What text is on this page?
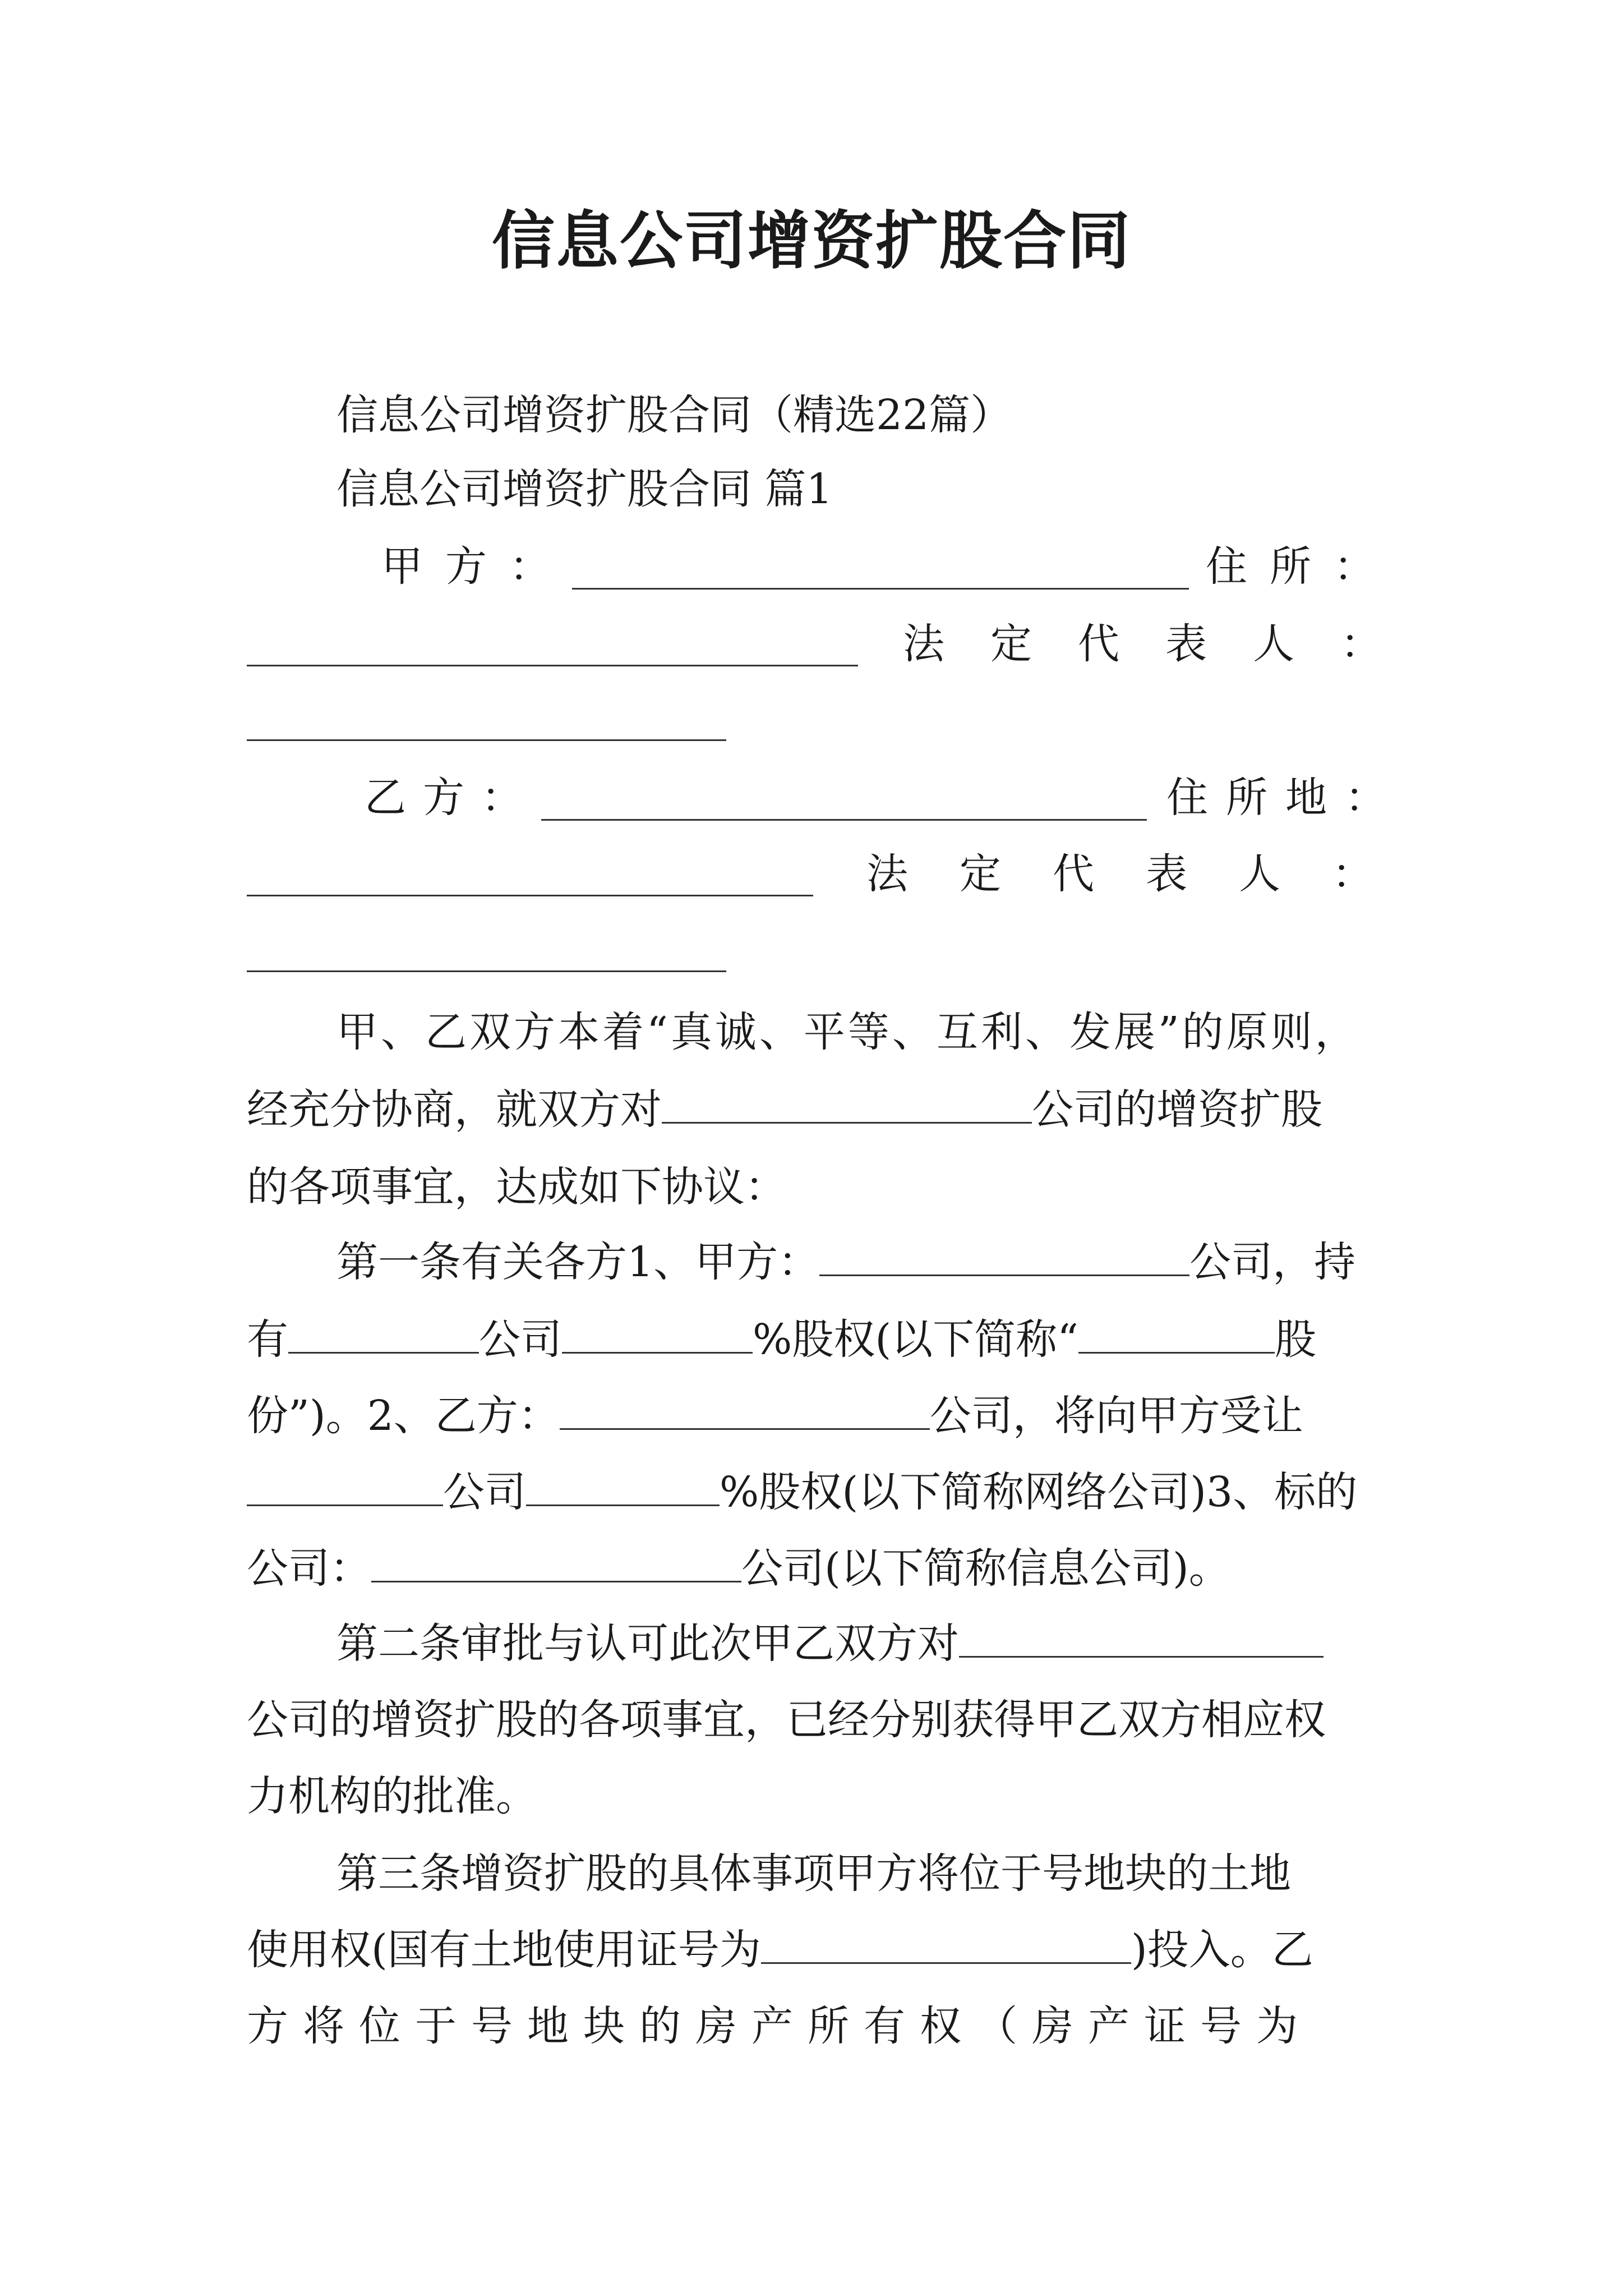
信息公司增资扩股合同
信息公司增资扩股合同（精选22篇）
信息公司增资扩股合同 篇1
甲方：	住所：
法定代表人：
乙方：	住所地：
法定代表人：
甲、乙双方本着“真诚、平等、互利、发展”的原则，
经充分协商，就双方对	公司的增资扩股
的各项事宜，达成如下协议：
第一条有关各方1、甲方：	公司，持
有	公司	%股权(以下简称“	股
份”)。2、乙方：	公司，将向甲方受让
公司	%股权(以下简称网络公司)3、标的
公司：	公司(以下简称信息公司)。
第二条审批与认可此次甲乙双方对
公司的增资扩股的各项事宜，已经分别获得甲乙双方相应权
力机构的批准。
第三条增资扩股的具体事项甲方将位于号地块的土地
使用权(国有土地使用证号为	)投入。乙
方将位于号地块的房产所有权（房产证号为
